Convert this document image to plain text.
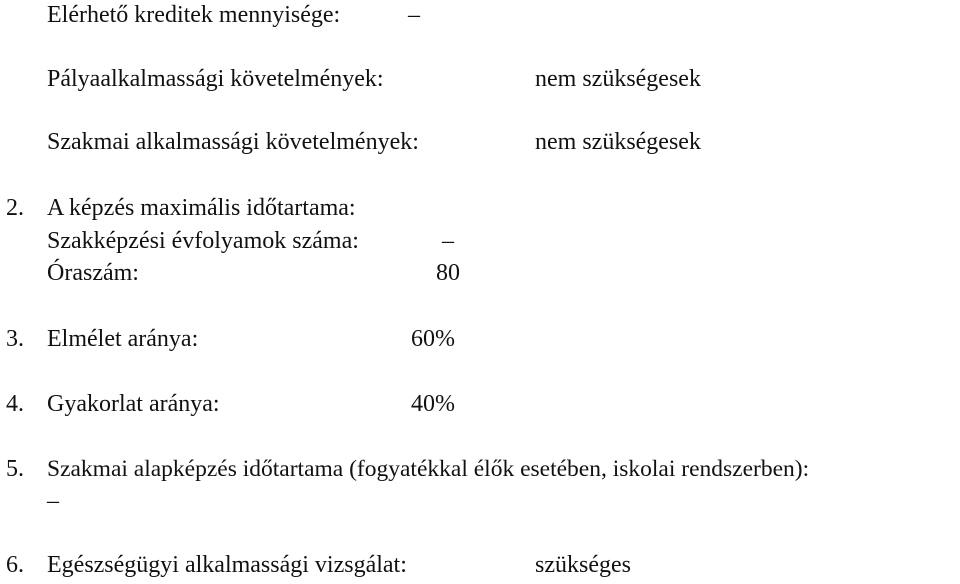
Elérhető kreditek mennyisége:	–
Pályaalkalmassági követelmények:	nem szükségesek
Szakmai alkalmassági követelmények:	nem szükségesek
2. A képzés maximális időtartama:
Szakképzési évfolyamok száma:	–
Óraszám:	80
3. Elmélet aránya:	60%
4. Gyakorlat aránya:	40%
5. Szakmai alapképzés időtartama (fogyatékkal élők esetében, iskolai rendszerben):
–
6. Egészségügyi alkalmassági vizsgálat:	szükséges
